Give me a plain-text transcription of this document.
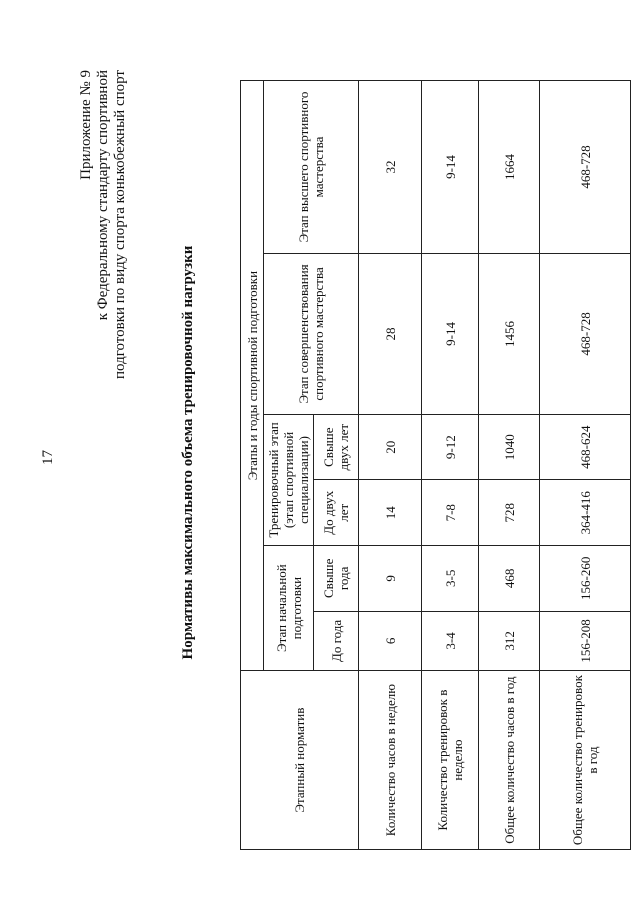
17
Приложение № 9 к Федеральному стандарту спортивной подготовки по виду спорта конькобежный спорт
Нормативы максимального объема тренировочной нагрузки
Этапный норматив	Этапы и годы спортивной подготовки					
	Этап начальной подготовки		Тренировочный этап (этап спортивной специализации)		Этап совершенствования спортивного мастерства	Этап высшего спортивного мастерства
	До года	Свыше года	До двух лет	Свыше двух лет		
Количество часов в неделю	6	9	14	20	28	32
Количество тренировок в неделю	3-4	3-5	7-8	9-12	9-14	9-14
Общее количество часов в год	312	468	728	1040	1456	1664
Общее количество тренировок в год	156-208	156-260	364-416	468-624	468-728	468-728
